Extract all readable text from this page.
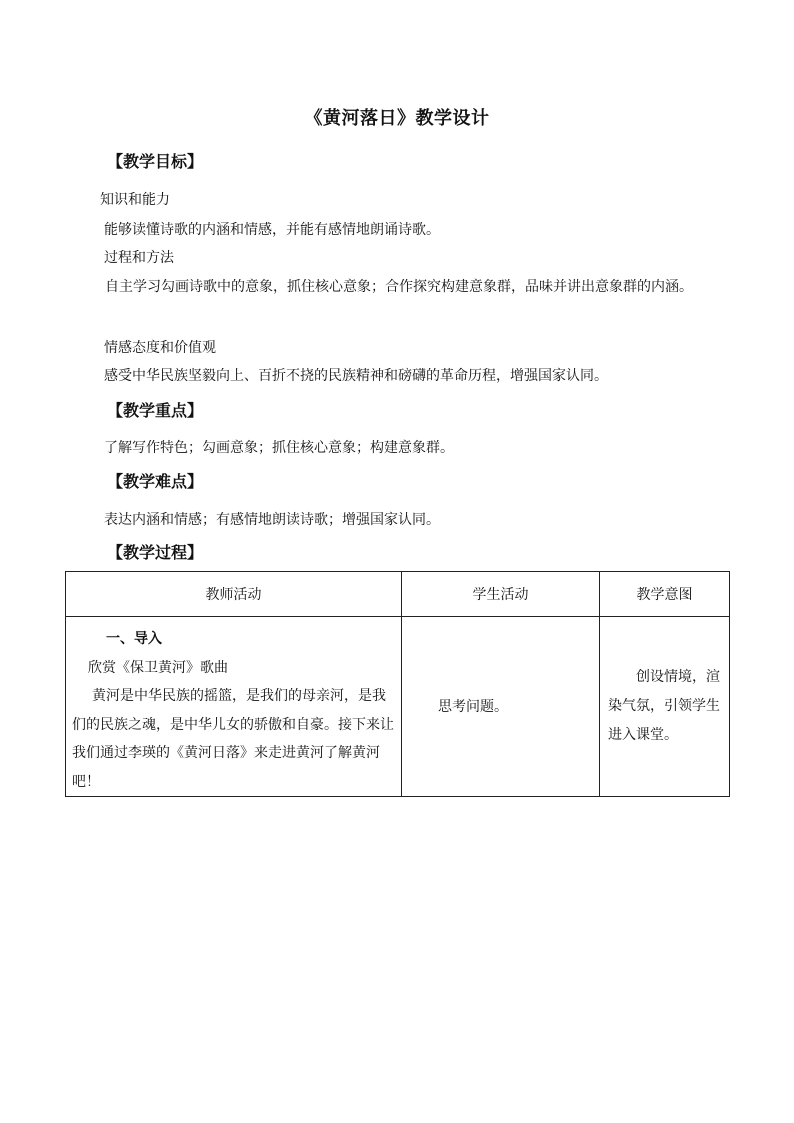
《黄河落日》教学设计
【教学目标】
知识和能力
能够读懂诗歌的内涵和情感，并能有感情地朗诵诗歌。
过程和方法
自主学习勾画诗歌中的意象，抓住核心意象；合作探究构建意象群，品味并讲出意象群的内涵。
情感态度和价值观
感受中华民族坚毅向上、百折不挠的民族精神和磅礴的革命历程，增强国家认同。
【教学重点】
了解写作特色；勾画意象；抓住核心意象；构建意象群。
【教学难点】
表达内涵和情感；有感情地朗读诗歌；增强国家认同。
【教学过程】
教师活动	学生活动	教学意图

一、导入
欣赏《保卫黄河》歌曲
黄河是中华民族的摇篮，是我们的母亲河，是我们的民族之魂，是中华儿女的骄傲和自豪。接下来让我们通过李瑛的《黄河日落》来走进黄河了解黄河吧！	思考问题。	创设情境，渲染气氛，引领学生进入课堂。
